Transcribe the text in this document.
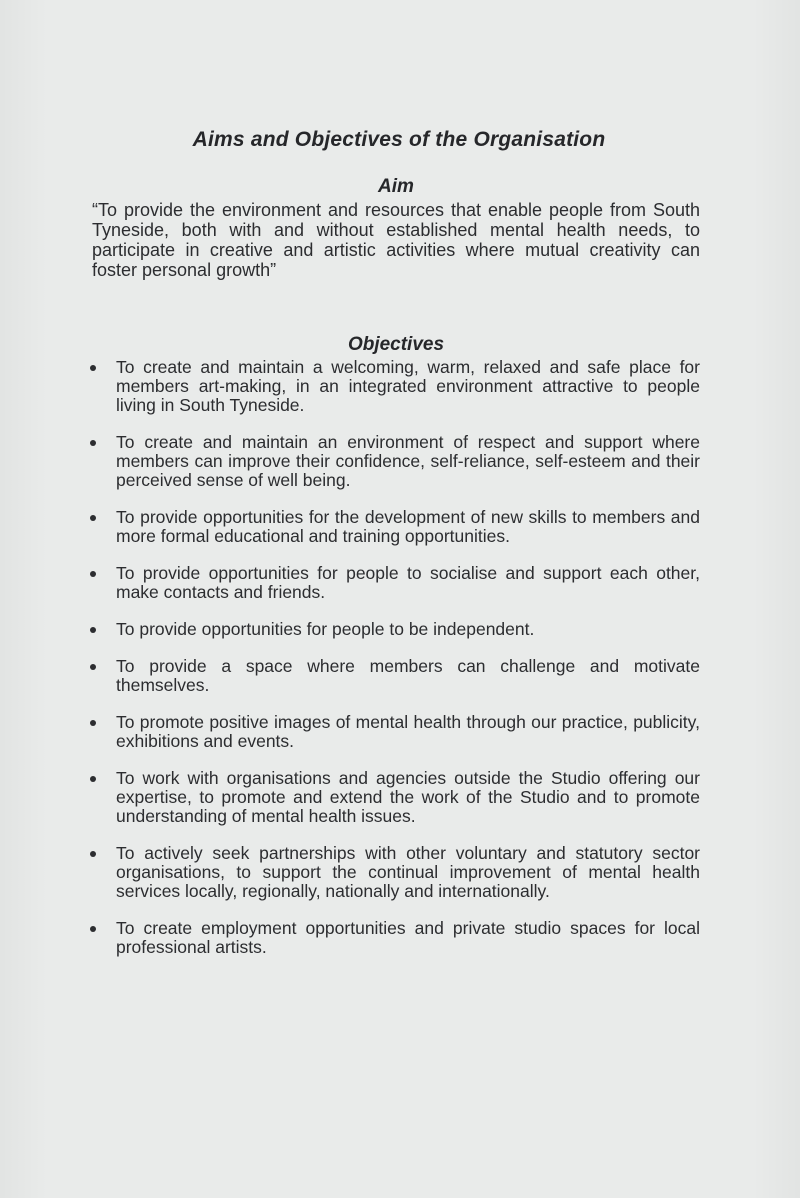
Aims and Objectives of the Organisation
Aim

“To provide the environment and resources that enable people from South Tyneside, both with and without established mental health needs, to participate in creative and artistic activities where mutual creativity can foster personal growth”

Objectives
To create and maintain a welcoming, warm, relaxed and safe place for members art-making, in an integrated environment attractive to people living in South Tyneside.
To create and maintain an environment of respect and support where members can improve their confidence, self-reliance, self-esteem and their perceived sense of well being.
To provide opportunities for the development of new skills to members and more formal educational and training opportunities.
To provide opportunities for people to socialise and support each other, make contacts and friends.
To provide opportunities for people to be independent.
To provide a space where members can challenge and motivate themselves.
To promote positive images of mental health through our practice, publicity, exhibitions and events.
To work with organisations and agencies outside the Studio offering our expertise, to promote and extend the work of the Studio and to promote understanding of mental health issues.
To actively seek partnerships with other voluntary and statutory sector organisations, to support the continual improvement of mental health services locally, regionally, nationally and internationally.
To create employment opportunities and private studio spaces for local professional artists.
